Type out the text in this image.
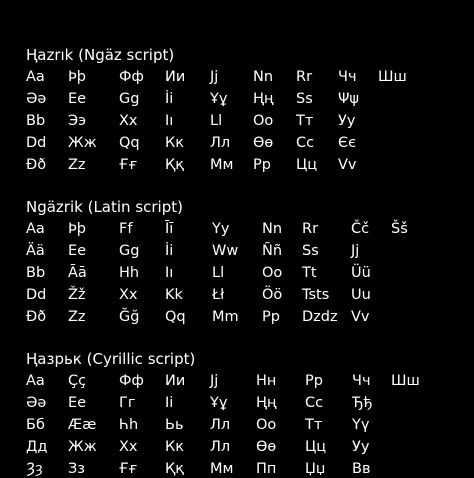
Ңazrık (Ngäz script)
Aa Þþ Фф Ии Jj Nn Rr Чч Шш
Əə Ee Gg İi	Ұұ Ңң Ss Ψψ
Bb Ээ Xx Iı	Ll Oo Тт Уу
Dd Жж Qq Кк Лл Өө Cc Єє
Ðð Zz Ғғ Ққ Мм Pp Цц Vv
Ngäzrik (Latin script)
Aa Þþ Ff Īī	Yy Nn Rr Čč Šš
Ää Ee Gg İi	Ww Ññ Ss Jj
Bb Āā Hh Iı	Ll	Oo Tt Üü
Dd Žž Xx Kk Łł	Öö Tsts Uu
Ðð Zz Ğğ Qq Mm Pp Dzdz Vv
Ңазрьк (Cyrillic script)
Аа Çç Фф Ии Јј	Нн Рр Чч Шш
Əə Ee Гг Ii	Ұұ Ңң Сс Ђђ
Бб Ææ Һh Ьь Лл Оо Тт Үү
Дд Жж Хх Кк Лл Өө Цц Уу
Ȝȝ Зз Ғғ Ққ Мм Пп Џџ Вв
